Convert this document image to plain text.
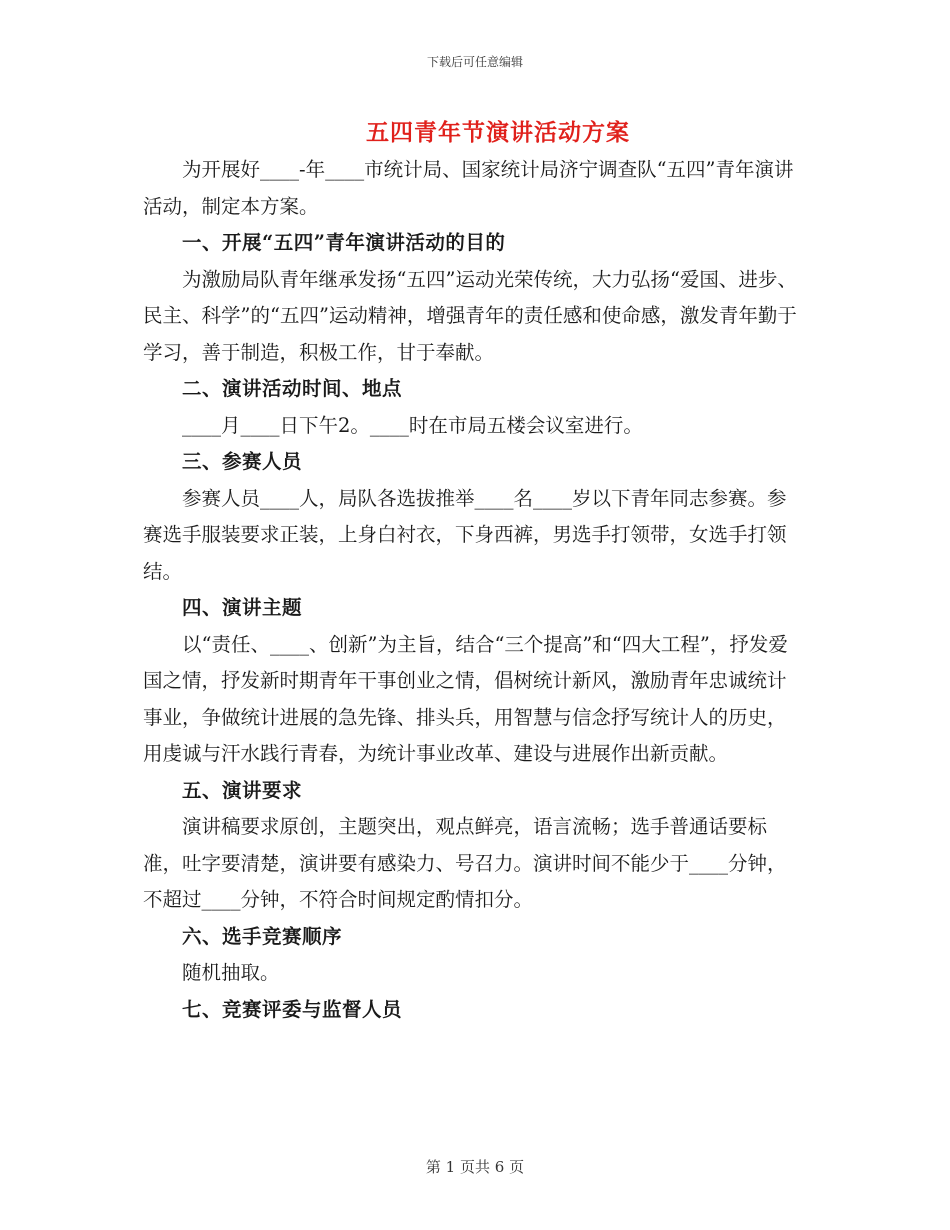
下载后可任意编辑
五四青年节演讲活动方案

为开展好____-年____市统计局、国家统计局济宁调查队“五四”青年演讲活动，制定本方案。

一、开展“五四”青年演讲活动的目的

为激励局队青年继承发扬“五四”运动光荣传统，大力弘扬“爱国、进步、民主、科学”的“五四”运动精神，增强青年的责任感和使命感，激发青年勤于学习，善于制造，积极工作，甘于奉献。

二、演讲活动时间、地点

____月____日下午2。____时在市局五楼会议室进行。

三、参赛人员

参赛人员____人，局队各选拔推举____名____岁以下青年同志参赛。参赛选手服装要求正装，上身白衬衣，下身西裤，男选手打领带，女选手打领结。

四、演讲主题

以“责任、____、创新”为主旨，结合“三个提高”和“四大工程”，抒发爱国之情，抒发新时期青年干事创业之情，倡树统计新风，激励青年忠诚统计事业，争做统计进展的急先锋、排头兵，用智慧与信念抒写统计人的历史，用虔诚与汗水践行青春，为统计事业改革、建设与进展作出新贡献。

五、演讲要求

演讲稿要求原创，主题突出，观点鲜亮，语言流畅；选手普通话要标准，吐字要清楚，演讲要有感染力、号召力。演讲时间不能少于____分钟，不超过____分钟，不符合时间规定酌情扣分。

六、选手竞赛顺序

随机抽取。

七、竞赛评委与监督人员
第 1 页共 6 页
